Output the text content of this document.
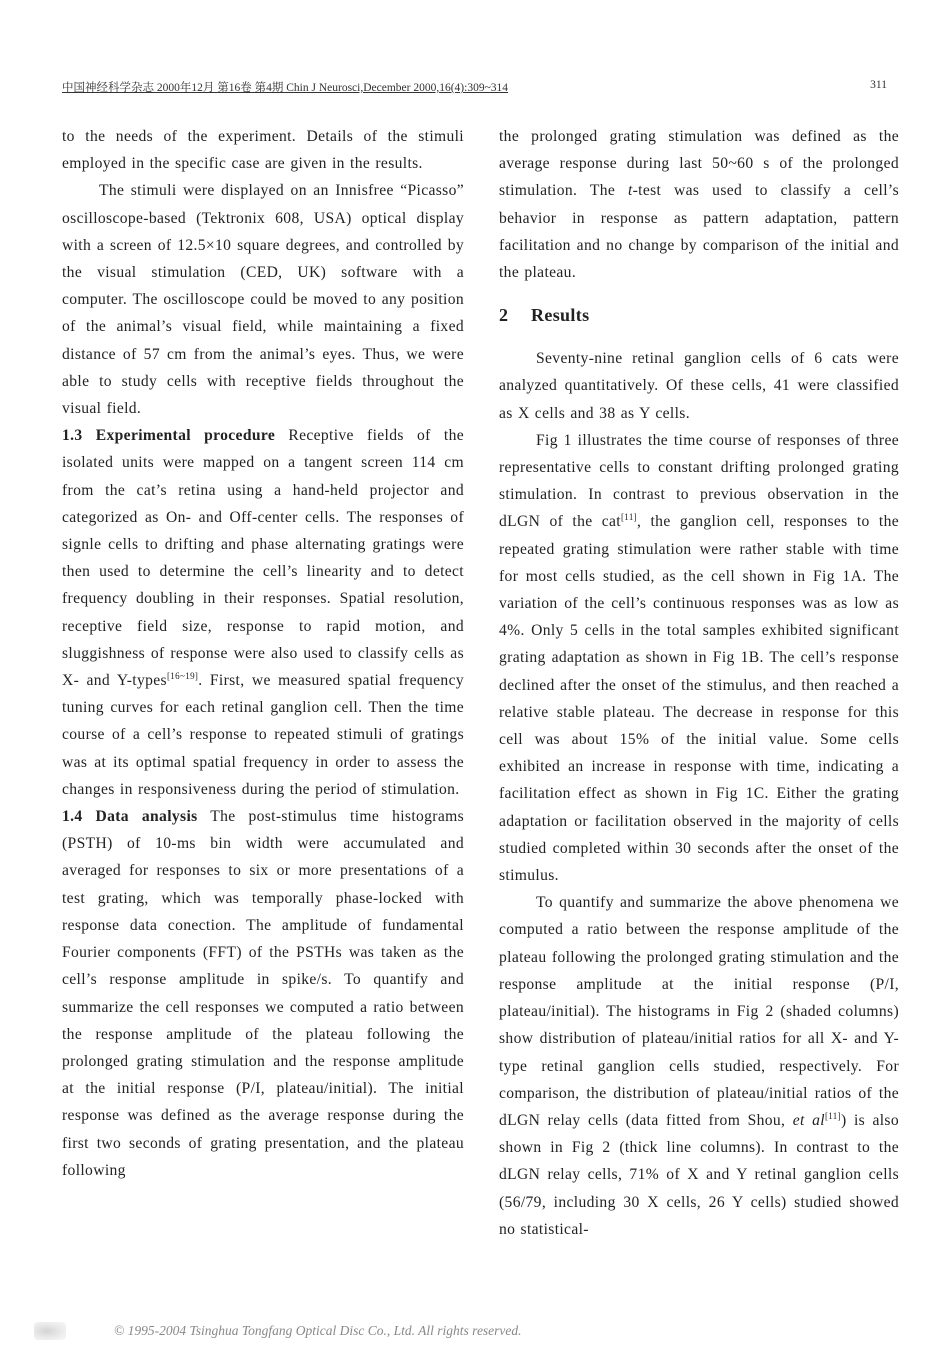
中国神经科学杂志 2000年12月 第16卷 第4期 Chin J Neurosci,December 2000,16(4):309~314	311

to the needs of the experiment. Details of the stimuli employed in the specific case are given in the results.

The stimuli were displayed on an Innisfree “Picasso” oscilloscope-based (Tektronix 608, USA) optical display with a screen of 12.5×10 square degrees, and controlled by the visual stimulation (CED, UK) software with a computer. The oscilloscope could be moved to any position of the animal’s visual field, while maintaining a fixed distance of 57 cm from the animal’s eyes. Thus, we were able to study cells with receptive fields throughout the visual field.

1.3 Experimental procedure Receptive fields of the isolated units were mapped on a tangent screen 114 cm from the cat’s retina using a hand-held projector and categorized as On- and Off-center cells. The responses of signle cells to drifting and phase alternating gratings were then used to determine the cell’s linearity and to detect frequency doubling in their responses. Spatial resolution, receptive field size, response to rapid motion, and sluggishness of response were also used to classify cells as X- and Y-types[16~19]. First, we measured spatial frequency tuning curves for each retinal ganglion cell. Then the time course of a cell’s response to repeated stimuli of gratings was at its optimal spatial frequency in order to assess the changes in responsiveness during the period of stimulation.

1.4 Data analysis The post-stimulus time histograms (PSTH) of 10-ms bin width were accumulated and averaged for responses to six or more presentations of a test grating, which was temporally phase-locked with response data conection. The amplitude of fundamental Fourier components (FFT) of the PSTHs was taken as the cell’s response amplitude in spike/s. To quantify and summarize the cell responses we computed a ratio between the response amplitude of the plateau following the prolonged grating stimulation and the response amplitude at the initial response (P/I, plateau/initial). The initial response was defined as the average response during the first two seconds of grating presentation, and the plateau following

the prolonged grating stimulation was defined as the average response during last 50~60 s of the prolonged stimulation. The t-test was used to classify a cell’s behavior in response as pattern adaptation, pattern facilitation and no change by comparison of the initial and the plateau.

2 Results

Seventy-nine retinal ganglion cells of 6 cats were analyzed quantitatively. Of these cells, 41 were classified as X cells and 38 as Y cells.

Fig 1 illustrates the time course of responses of three representative cells to constant drifting prolonged grating stimulation. In contrast to previous observation in the dLGN of the cat[11], the ganglion cell, responses to the repeated grating stimulation were rather stable with time for most cells studied, as the cell shown in Fig 1A. The variation of the cell’s continuous responses was as low as 4%. Only 5 cells in the total samples exhibited significant grating adaptation as shown in Fig 1B. The cell’s response declined after the onset of the stimulus, and then reached a relative stable plateau. The decrease in response for this cell was about 15% of the initial value. Some cells exhibited an increase in response with time, indicating a facilitation effect as shown in Fig 1C. Either the grating adaptation or facilitation observed in the majority of cells studied completed within 30 seconds after the onset of the stimulus.

To quantify and summarize the above phenomena we computed a ratio between the response amplitude of the plateau following the prolonged grating stimulation and the response amplitude at the initial response (P/I, plateau/initial). The histograms in Fig 2 (shaded columns) show distribution of plateau/initial ratios for all X- and Y-type retinal ganglion cells studied, respectively. For comparison, the distribution of plateau/initial ratios of the dLGN relay cells (data fitted from Shou, et al[11]) is also shown in Fig 2 (thick line columns). In contrast to the dLGN relay cells, 71% of X and Y retinal ganglion cells (56/79, including 30 X cells, 26 Y cells) studied showed no statistical-

© 1995-2004 Tsinghua Tongfang Optical Disc Co., Ltd. All rights reserved.
